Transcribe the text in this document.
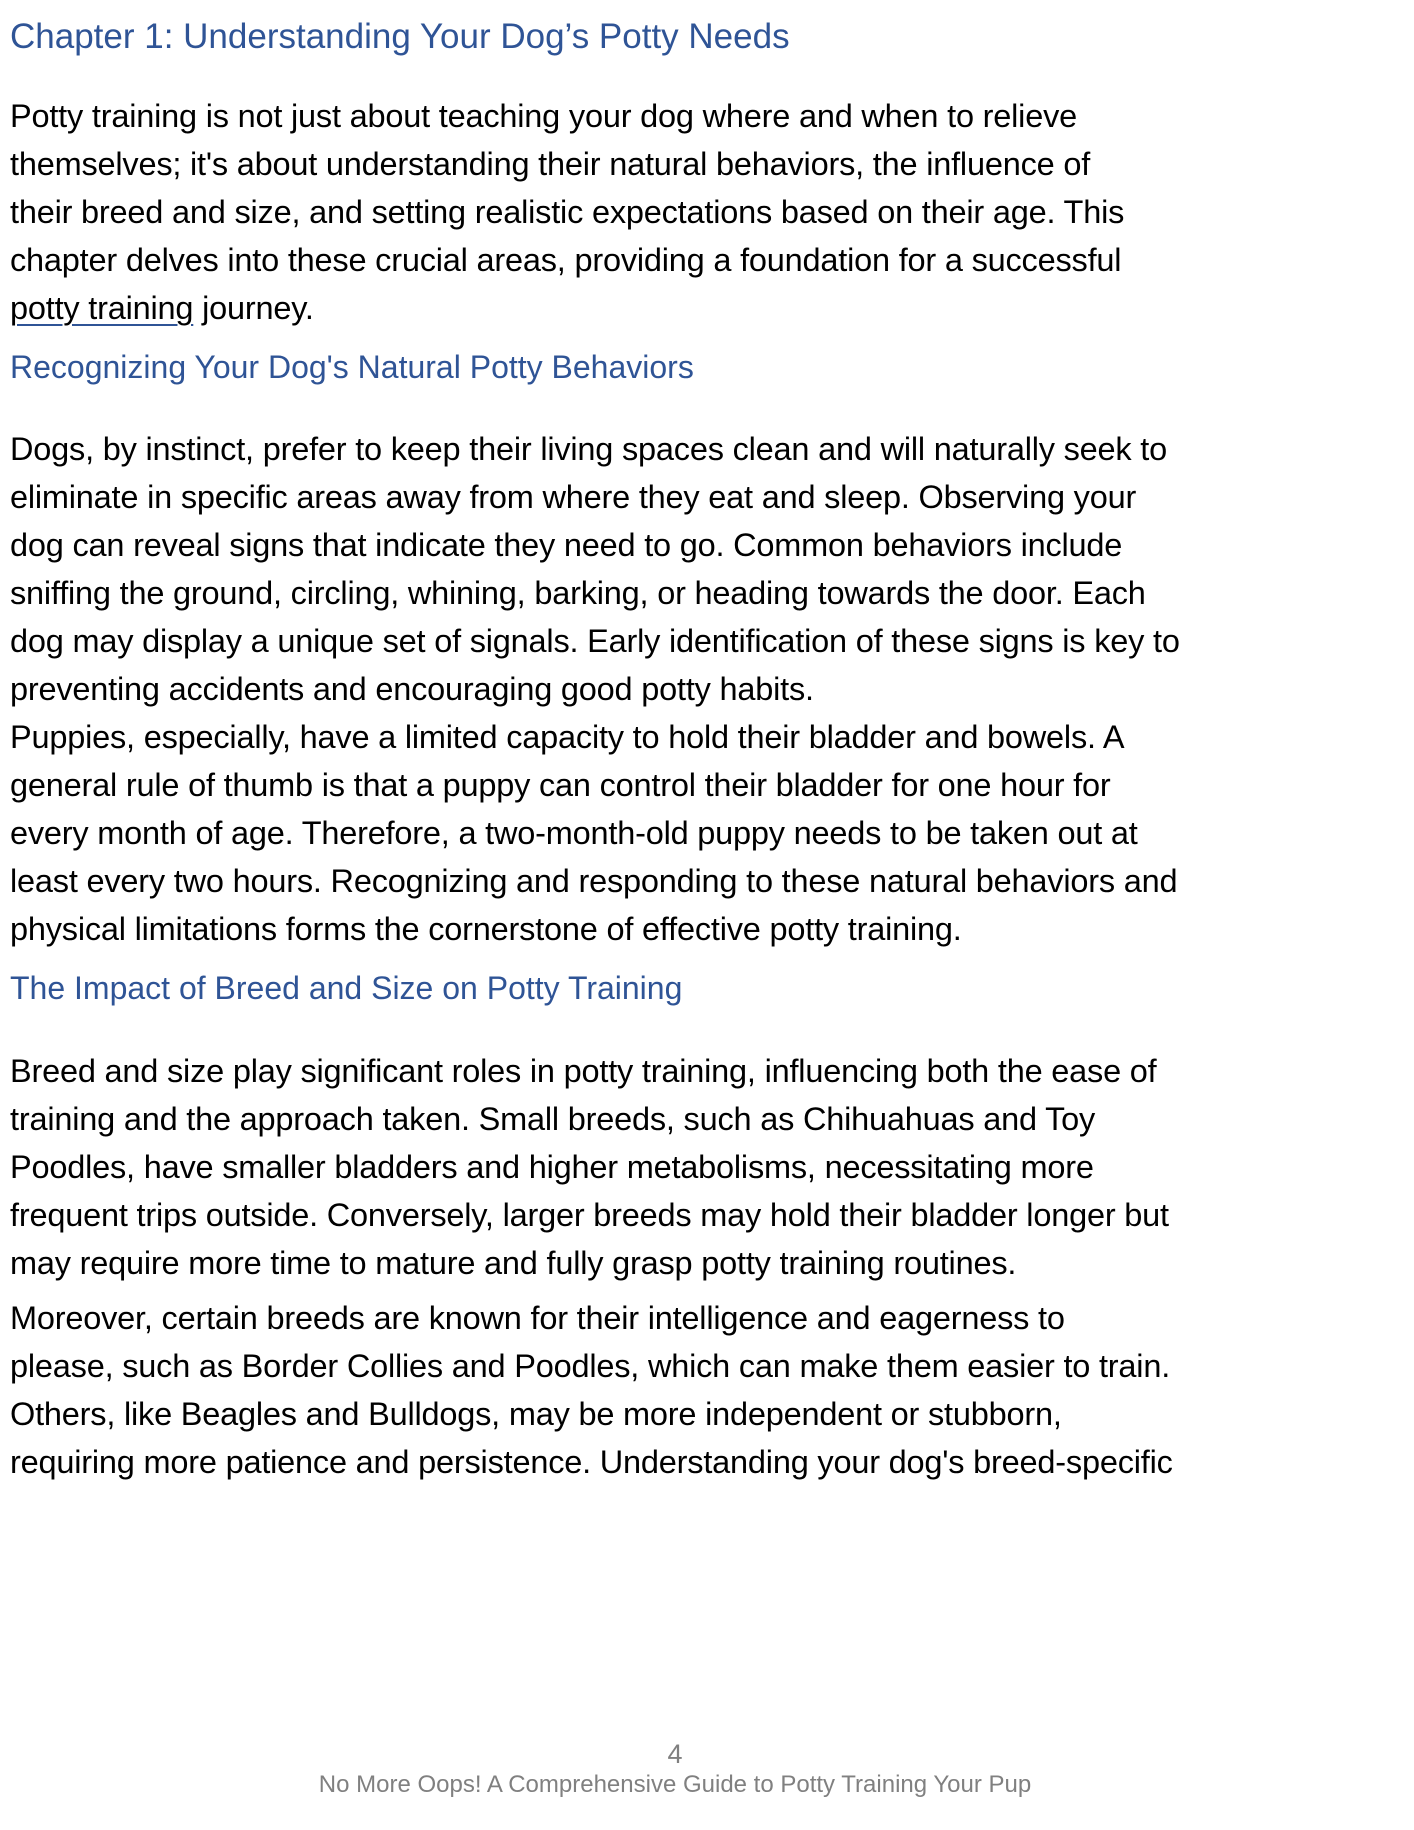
Chapter 1: Understanding Your Dog’s Potty Needs
Potty training is not just about teaching your dog where and when to relieve
themselves; it's about understanding their natural behaviors, the influence of
their breed and size, and setting realistic expectations based on their age. This
chapter delves into these crucial areas, providing a foundation for a successful
potty training journey.
Recognizing Your Dog's Natural Potty Behaviors
Dogs, by instinct, prefer to keep their living spaces clean and will naturally seek to
eliminate in specific areas away from where they eat and sleep. Observing your
dog can reveal signs that indicate they need to go. Common behaviors include
sniffing the ground, circling, whining, barking, or heading towards the door. Each
dog may display a unique set of signals. Early identification of these signs is key to
preventing accidents and encouraging good potty habits.
Puppies, especially, have a limited capacity to hold their bladder and bowels. A
general rule of thumb is that a puppy can control their bladder for one hour for
every month of age. Therefore, a two-month-old puppy needs to be taken out at
least every two hours. Recognizing and responding to these natural behaviors and
physical limitations forms the cornerstone of effective potty training.
The Impact of Breed and Size on Potty Training
Breed and size play significant roles in potty training, influencing both the ease of
training and the approach taken. Small breeds, such as Chihuahuas and Toy
Poodles, have smaller bladders and higher metabolisms, necessitating more
frequent trips outside. Conversely, larger breeds may hold their bladder longer but
may require more time to mature and fully grasp potty training routines.
Moreover, certain breeds are known for their intelligence and eagerness to
please, such as Border Collies and Poodles, which can make them easier to train.
Others, like Beagles and Bulldogs, may be more independent or stubborn,
requiring more patience and persistence. Understanding your dog's breed-specific
4
No More Oops! A Comprehensive Guide to Potty Training Your Pup
